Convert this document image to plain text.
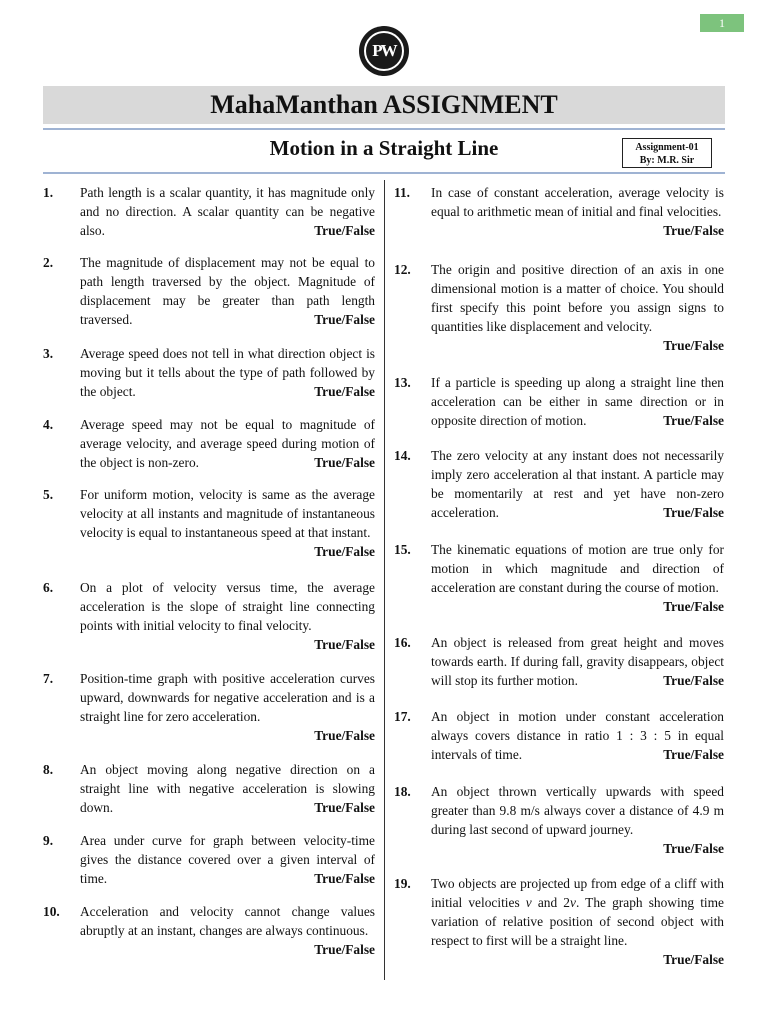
1
PW
MahaManthan ASSIGNMENT
Motion in a Straight Line	Assignment-01
By: M.R. Sir
1.	Path length is a scalar quantity, it has magnitude only and no direction. A scalar quantity can be negative also.	True/False
2.	The magnitude of displacement may not be equal to path length traversed by the object. Magnitude of displacement may be greater than path length traversed.	True/False
3.	Average speed does not tell in what direction object is moving but it tells about the type of path followed by the object.	True/False
4.	Average speed may not be equal to magnitude of average velocity, and average speed during motion of the object is non-zero.	True/False
5.	For uniform motion, velocity is same as the average velocity at all instants and magnitude of instantaneous velocity is equal to instantaneous speed at that instant.
True/False
6.	On a plot of velocity versus time, the average acceleration is the slope of straight line connecting points with initial velocity to final velocity.
True/False
7.	Position-time graph with positive acceleration curves upward, downwards for negative acceleration and is a straight line for zero acceleration.
True/False
8.	An object moving along negative direction on a straight line with negative acceleration is slowing down.	True/False
9.	Area under curve for graph between velocity-time gives the distance covered over a given interval of time.	True/False
10.	Acceleration and velocity cannot change values abruptly at an instant, changes are always continuous.
True/False
11.	In case of constant acceleration, average velocity is equal to arithmetic mean of initial and final velocities.
True/False
12.	The origin and positive direction of an axis in one dimensional motion is a matter of choice. You should first specify this point before you assign signs to quantities like displacement and velocity.
True/False
13.	If a particle is speeding up along a straight line then acceleration can be either in same direction or in opposite direction of motion.	True/False
14.	The zero velocity at any instant does not necessarily imply zero acceleration al that instant. A particle may be momentarily at rest and yet have non-zero acceleration.	True/False
15.	The kinematic equations of motion are true only for motion in which magnitude and direction of acceleration are constant during the course of motion.
True/False
16.	An object is released from great height and moves towards earth. If during fall, gravity disappears, object will stop its further motion.	True/False
17.	An object in motion under constant acceleration always covers distance in ratio 1 : 3 : 5 in equal intervals of time.	True/False
18.	An object thrown vertically upwards with speed greater than 9.8 m/s always cover a distance of 4.9 m during last second of upward journey.
True/False
19.	Two objects are projected up from edge of a cliff with initial velocities v and 2v. The graph showing time variation of relative position of second object with respect to first will be a straight line.
True/False
